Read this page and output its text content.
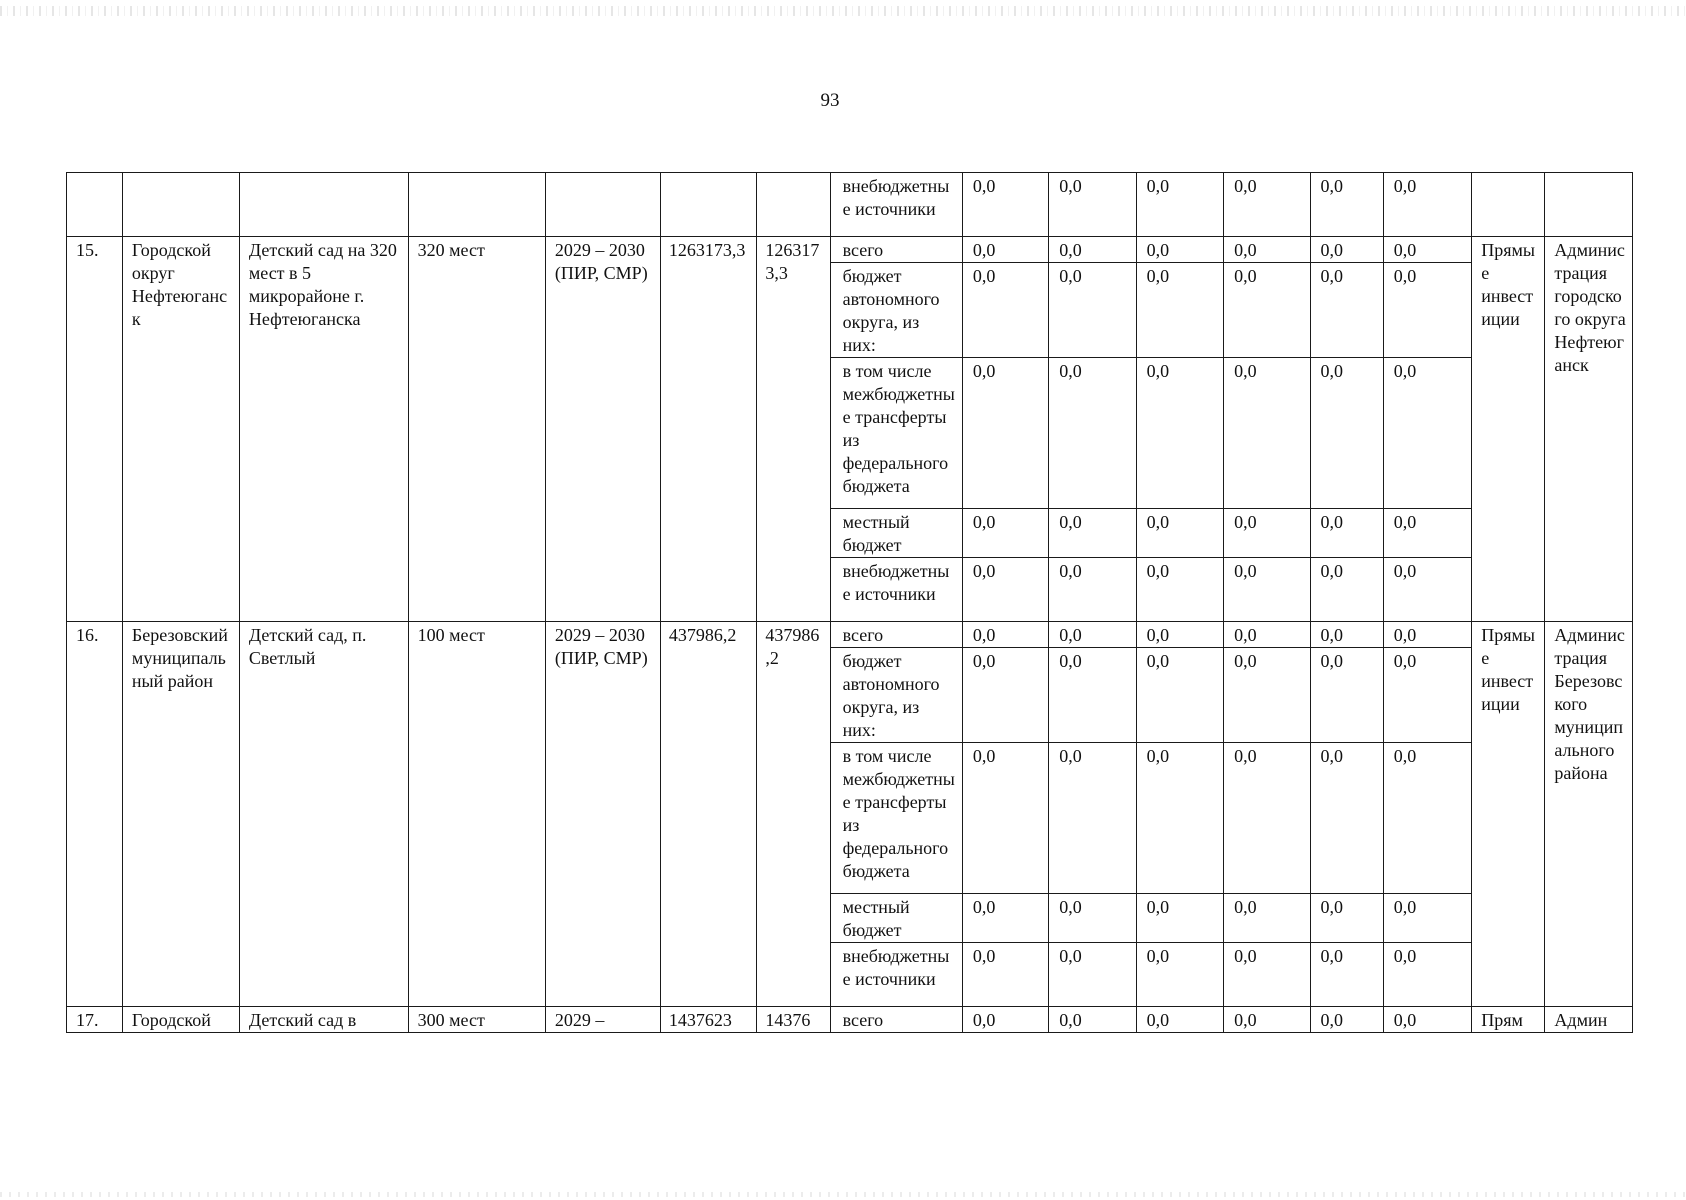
93
							внебюджетные источники	0,0	0,0	0,0	0,0	0,0	0,0		
15.	Городской округ Нефтеюганск	Детский сад на 320 мест в 5 микрорайоне г. Нефтеюганска	320 мест	2029 – 2030 (ПИР, СМР)	1263173,3	1263173,3	всего	0,0	0,0	0,0	0,0	0,0	0,0	Прямые инвестиции	Администрация городского округа Нефтеюганск
							бюджет автономного округа, из них:	0,0	0,0	0,0	0,0	0,0	0,0		
							в том числе межбюджетные трансферты из федерального бюджета	0,0	0,0	0,0	0,0	0,0	0,0		
							местный бюджет	0,0	0,0	0,0	0,0	0,0	0,0		
							внебюджетные источники	0,0	0,0	0,0	0,0	0,0	0,0		
16.	Березовский муниципальный район	Детский сад, п. Светлый	100 мест	2029 – 2030 (ПИР, СМР)	437986,2	437986,2	всего	0,0	0,0	0,0	0,0	0,0	0,0	Прямые инвестиции	Администрация Березовского муниципального района
							бюджет автономного округа, из них:	0,0	0,0	0,0	0,0	0,0	0,0		
							в том числе межбюджетные трансферты из федерального бюджета	0,0	0,0	0,0	0,0	0,0	0,0		
							местный бюджет	0,0	0,0	0,0	0,0	0,0	0,0		
							внебюджетные источники	0,0	0,0	0,0	0,0	0,0	0,0		
17.	Городской	Детский сад в	300 мест	2029 –	1437623	14376	всего	0,0	0,0	0,0	0,0	0,0	0,0	Прям	Админ
